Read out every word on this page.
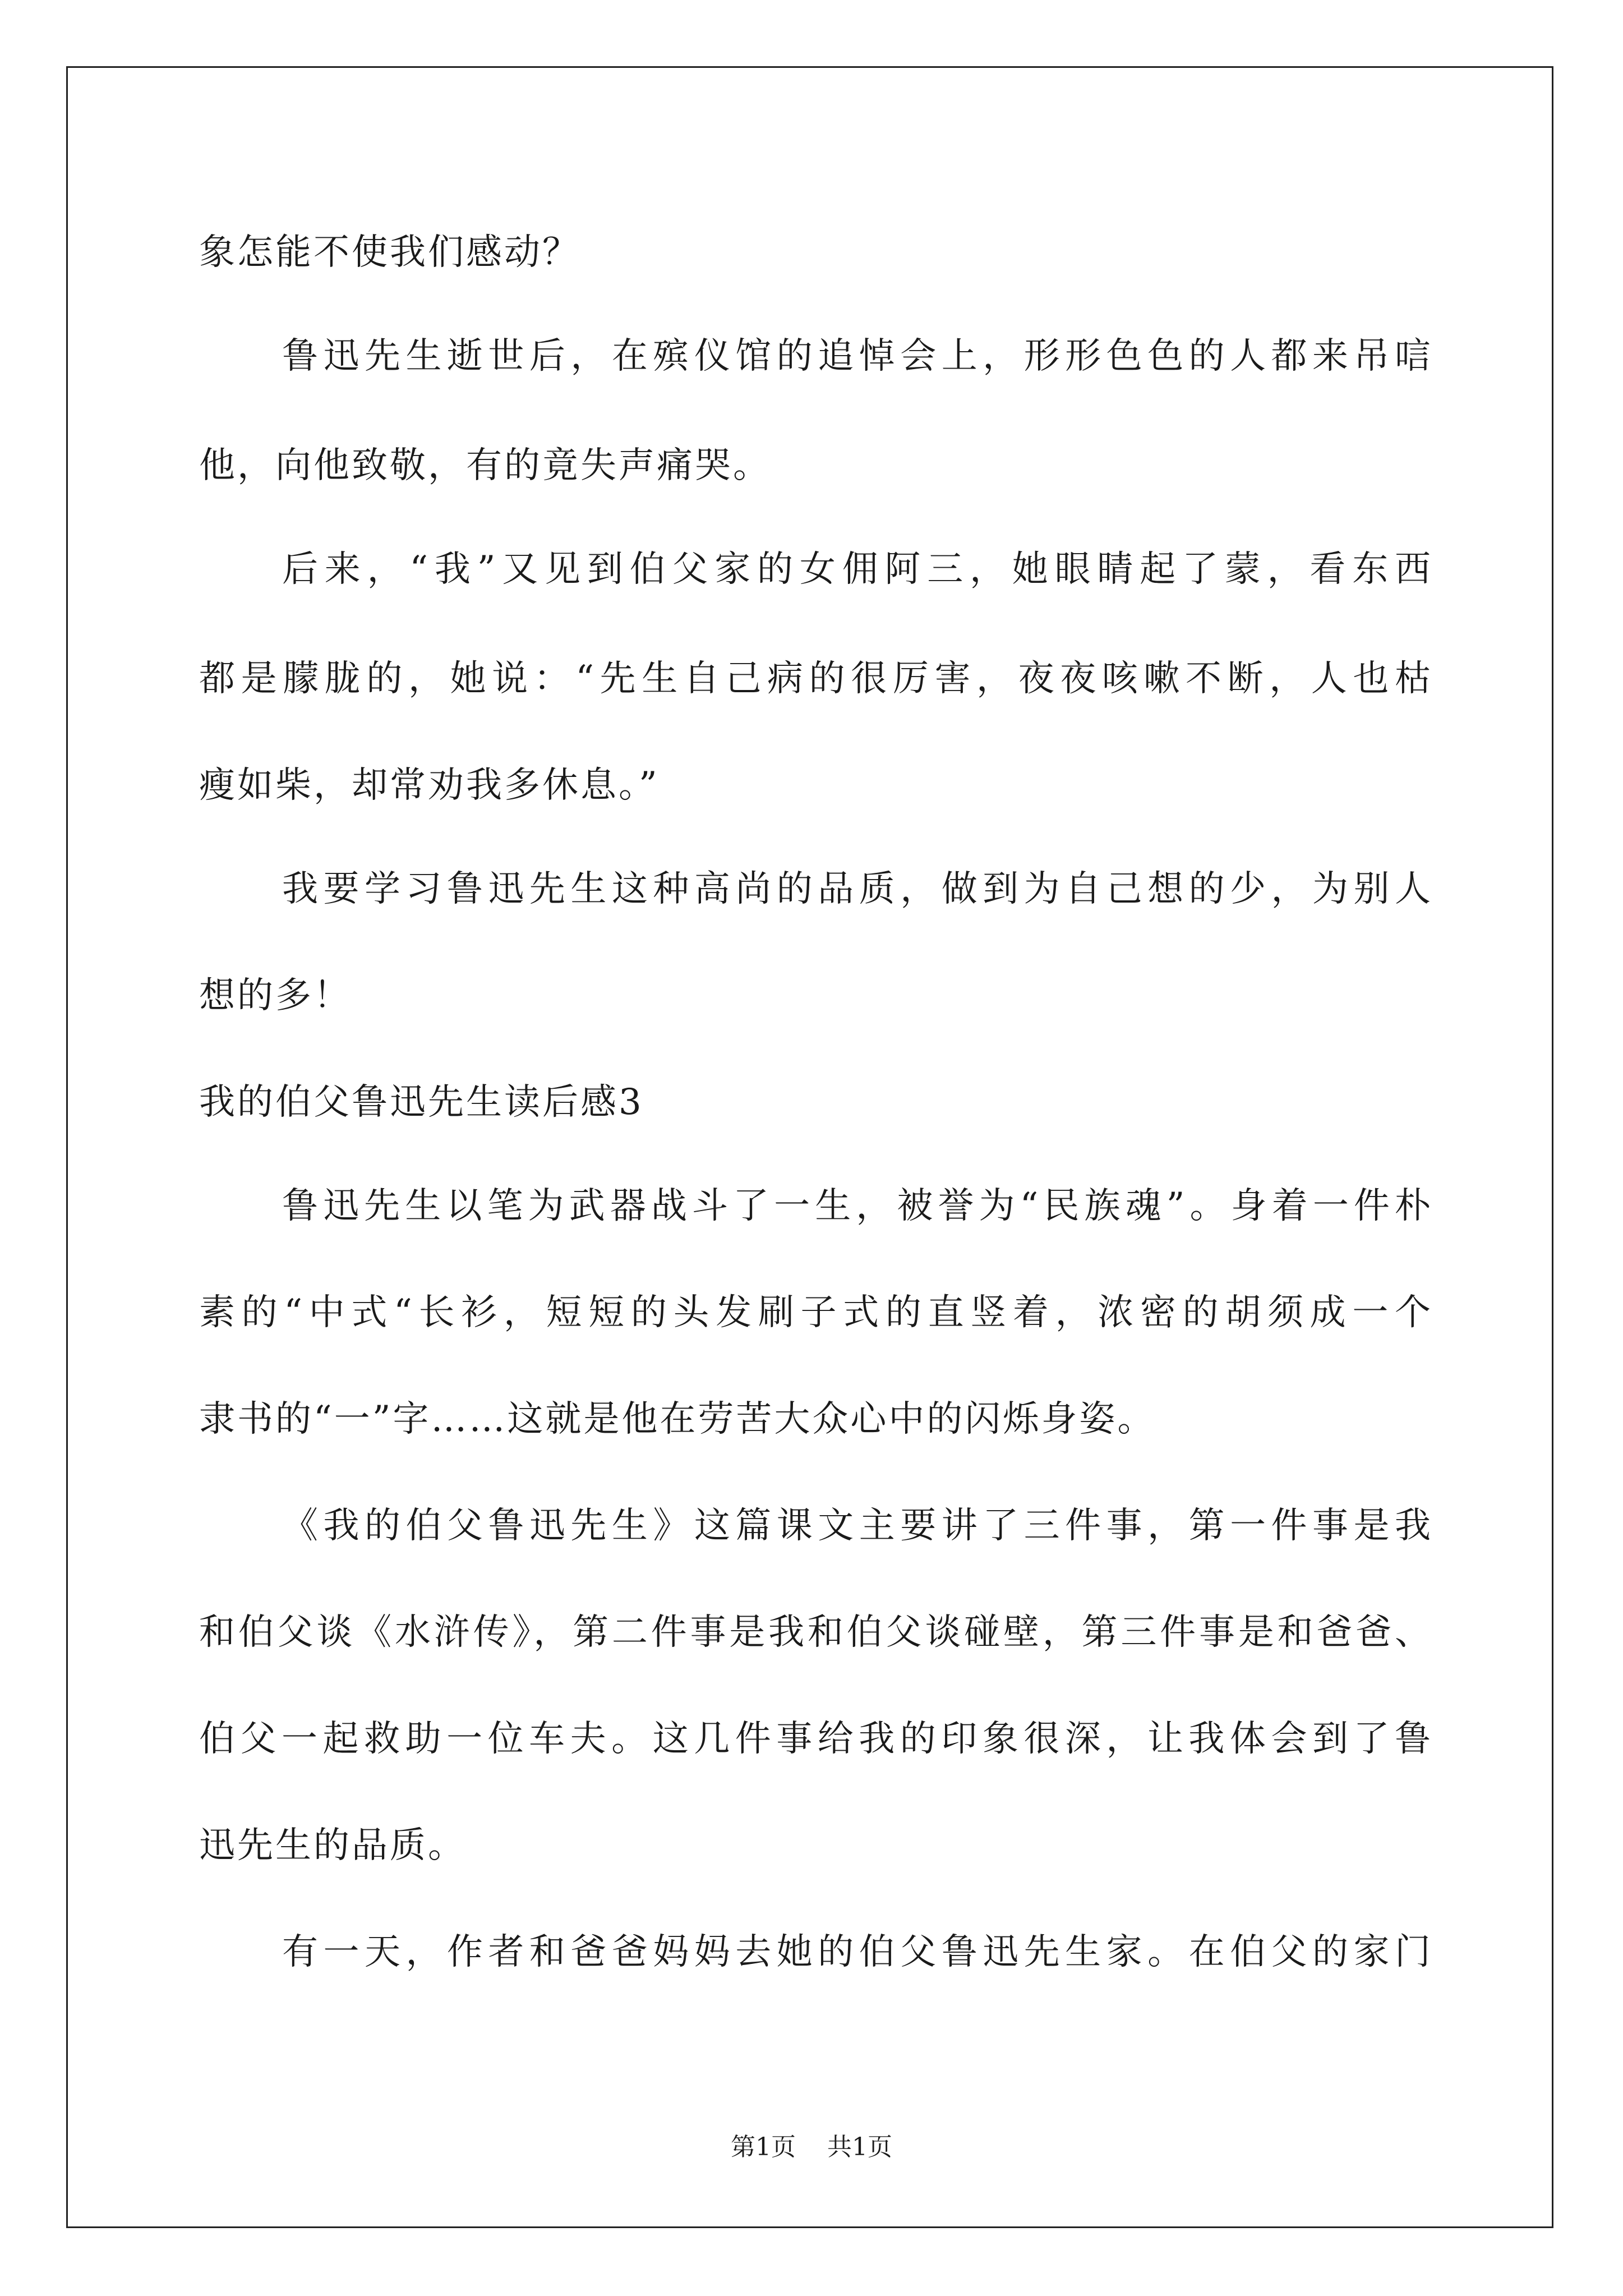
象怎能不使我们感动？
鲁迅先生逝世后，在殡仪馆的追悼会上，形形色色的人都来吊唁
他，向他致敬，有的竟失声痛哭。
后来，“我”又见到伯父家的女佣阿三，她眼睛起了蒙，看东西
都是朦胧的，她说：“先生自己病的很厉害，夜夜咳嗽不断，人也枯
瘦如柴，却常劝我多休息。”
我要学习鲁迅先生这种高尚的品质，做到为自己想的少，为别人
想的多！
我的伯父鲁迅先生读后感3
鲁迅先生以笔为武器战斗了一生，被誉为“民族魂”。身着一件朴
素的“中式“长衫，短短的头发刷子式的直竖着，浓密的胡须成一个
隶书的“一”字……这就是他在劳苦大众心中的闪烁身姿。
《我的伯父鲁迅先生》这篇课文主要讲了三件事，第一件事是我
和伯父谈《水浒传》，第二件事是我和伯父谈碰壁，第三件事是和爸爸、
伯父一起救助一位车夫。这几件事给我的印象很深，让我体会到了鲁
迅先生的品质。
有一天，作者和爸爸妈妈去她的伯父鲁迅先生家。在伯父的家门
第1页    共1页
